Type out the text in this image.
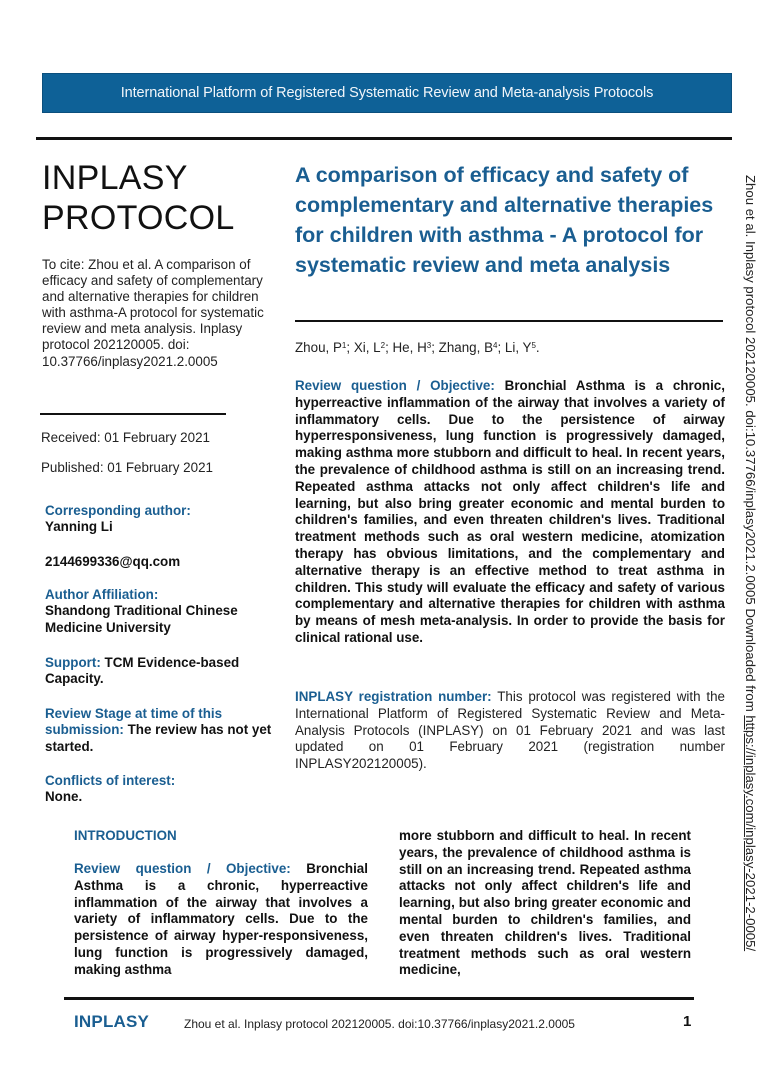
International Platform of Registered Systematic Review and Meta-analysis Protocols
INPLASY
PROTOCOL
To cite: Zhou et al. A comparison of efficacy and safety of complementary and alternative therapies for children with asthma-A protocol for systematic review and meta analysis. Inplasy protocol 202120005. doi: 10.37766/inplasy2021.2.0005
Received: 01 February 2021
Published: 01 February 2021
Corresponding author:
Yanning Li
2144699336@qq.com
Author Affiliation:
Shandong Traditional Chinese Medicine University
Support: TCM Evidence-based Capacity.
Review Stage at time of this submission: The review has not yet started.
Conflicts of interest:
None.
A comparison of efficacy and safety of complementary and alternative therapies for children with asthma - A protocol for systematic review and meta analysis
Zhou, $P^1$; Xi, $L^2$; He, $H^3$; Zhang, $B^4$; Li, $Y^5$.
Review question / Objective: Bronchial Asthma is a chronic, hyperreactive inflammation of the airway that involves a variety of inflammatory cells. Due to the persistence of airway hyperresponsiveness, lung function is progressively damaged, making asthma more stubborn and difficult to heal. In recent years, the prevalence of childhood asthma is still on an increasing trend. Repeated asthma attacks not only affect children's life and learning, but also bring greater economic and mental burden to children's families, and even threaten children's lives. Traditional treatment methods such as oral western medicine, atomization therapy has obvious limitations, and the complementary and alternative therapy is an effective method to treat asthma in children. This study will evaluate the efficacy and safety of various complementary and alternative therapies for children with asthma by means of mesh meta-analysis. In order to provide the basis for clinical rational use.
INPLASY registration number: This protocol was registered with the International Platform of Registered Systematic Review and Meta-Analysis Protocols (INPLASY) on 01 February 2021 and was last updated on 01 February 2021 (registration number INPLASY202120005).
INTRODUCTION
Review question / Objective: Bronchial Asthma is a chronic, hyperreactive inflammation of the airway that involves a variety of inflammatory cells. Due to the persistence of airway hyper-responsiveness, lung function is progressively damaged, making asthma
more stubborn and difficult to heal. In recent years, the prevalence of childhood asthma is still on an increasing trend. Repeated asthma attacks not only affect children's life and learning, but also bring greater economic and mental burden to children's families, and even threaten children's lives. Traditional treatment methods such as oral western medicine,
INPLASY	Zhou et al. Inplasy protocol 202120005. doi:10.37766/inplasy2021.2.0005	1
Zhou et al. Inplasy protocol 202120005. doi:10.37766/inplasy2021.2.0005 Downloaded from https://inplasy.com/inplasy-2021-2-0005/
